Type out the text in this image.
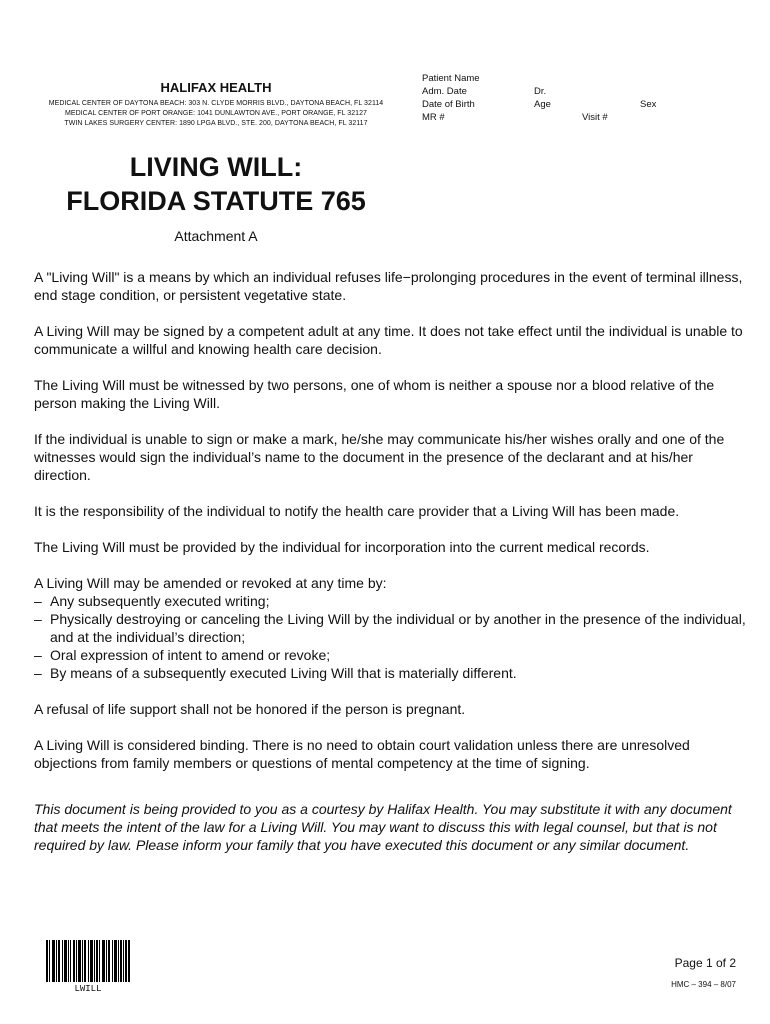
HALIFAX HEALTH
MEDICAL CENTER OF DAYTONA BEACH: 303 N. CLYDE MORRIS BLVD., DAYTONA BEACH, FL 32114
MEDICAL CENTER OF PORT ORANGE: 1041 DUNLAWTON AVE., PORT ORANGE, FL 32127
TWIN LAKES SURGERY CENTER: 1890 LPGA BLVD., STE. 200, DAYTONA BEACH, FL 32117
Patient Name
Adm. Date	Dr.
Date of Birth	Age	Sex
MR #	Visit #
LIVING WILL:
FLORIDA STATUTE 765
Attachment A

A "Living Will" is a means by which an individual refuses life−prolonging procedures in the event of terminal illness, end stage condition, or persistent vegetative state.

A Living Will may be signed by a competent adult at any time. It does not take effect until the individual is unable to communicate a willful and knowing health care decision.

The Living Will must be witnessed by two persons, one of whom is neither a spouse nor a blood relative of the person making the Living Will.

If the individual is unable to sign or make a mark, he/she may communicate his/her wishes orally and one of the witnesses would sign the individual’s name to the document in the presence of the declarant and at his/her direction.

It is the responsibility of the individual to notify the health care provider that a Living Will has been made.

The Living Will must be provided by the individual for incorporation into the current medical records.

A Living Will may be amended or revoked at any time by:

– Any subsequently executed writing;
– Physically destroying or canceling the Living Will by the individual or by another in the presence of the individual, and at the individual’s direction;
– Oral expression of intent to amend or revoke;
– By means of a subsequently executed Living Will that is materially different.

A refusal of life support shall not be honored if the person is pregnant.

A Living Will is considered binding. There is no need to obtain court validation unless there are unresolved objections from family members or questions of mental competency at the time of signing.

This document is being provided to you as a courtesy by Halifax Health. You may substitute it with any document that meets the intent of the law for a Living Will. You may want to discuss this with legal counsel, but that is not required by law. Please inform your family that you have executed this document or any similar document.

LWILL
Page 1 of 2
HMC – 394 – 8/07
